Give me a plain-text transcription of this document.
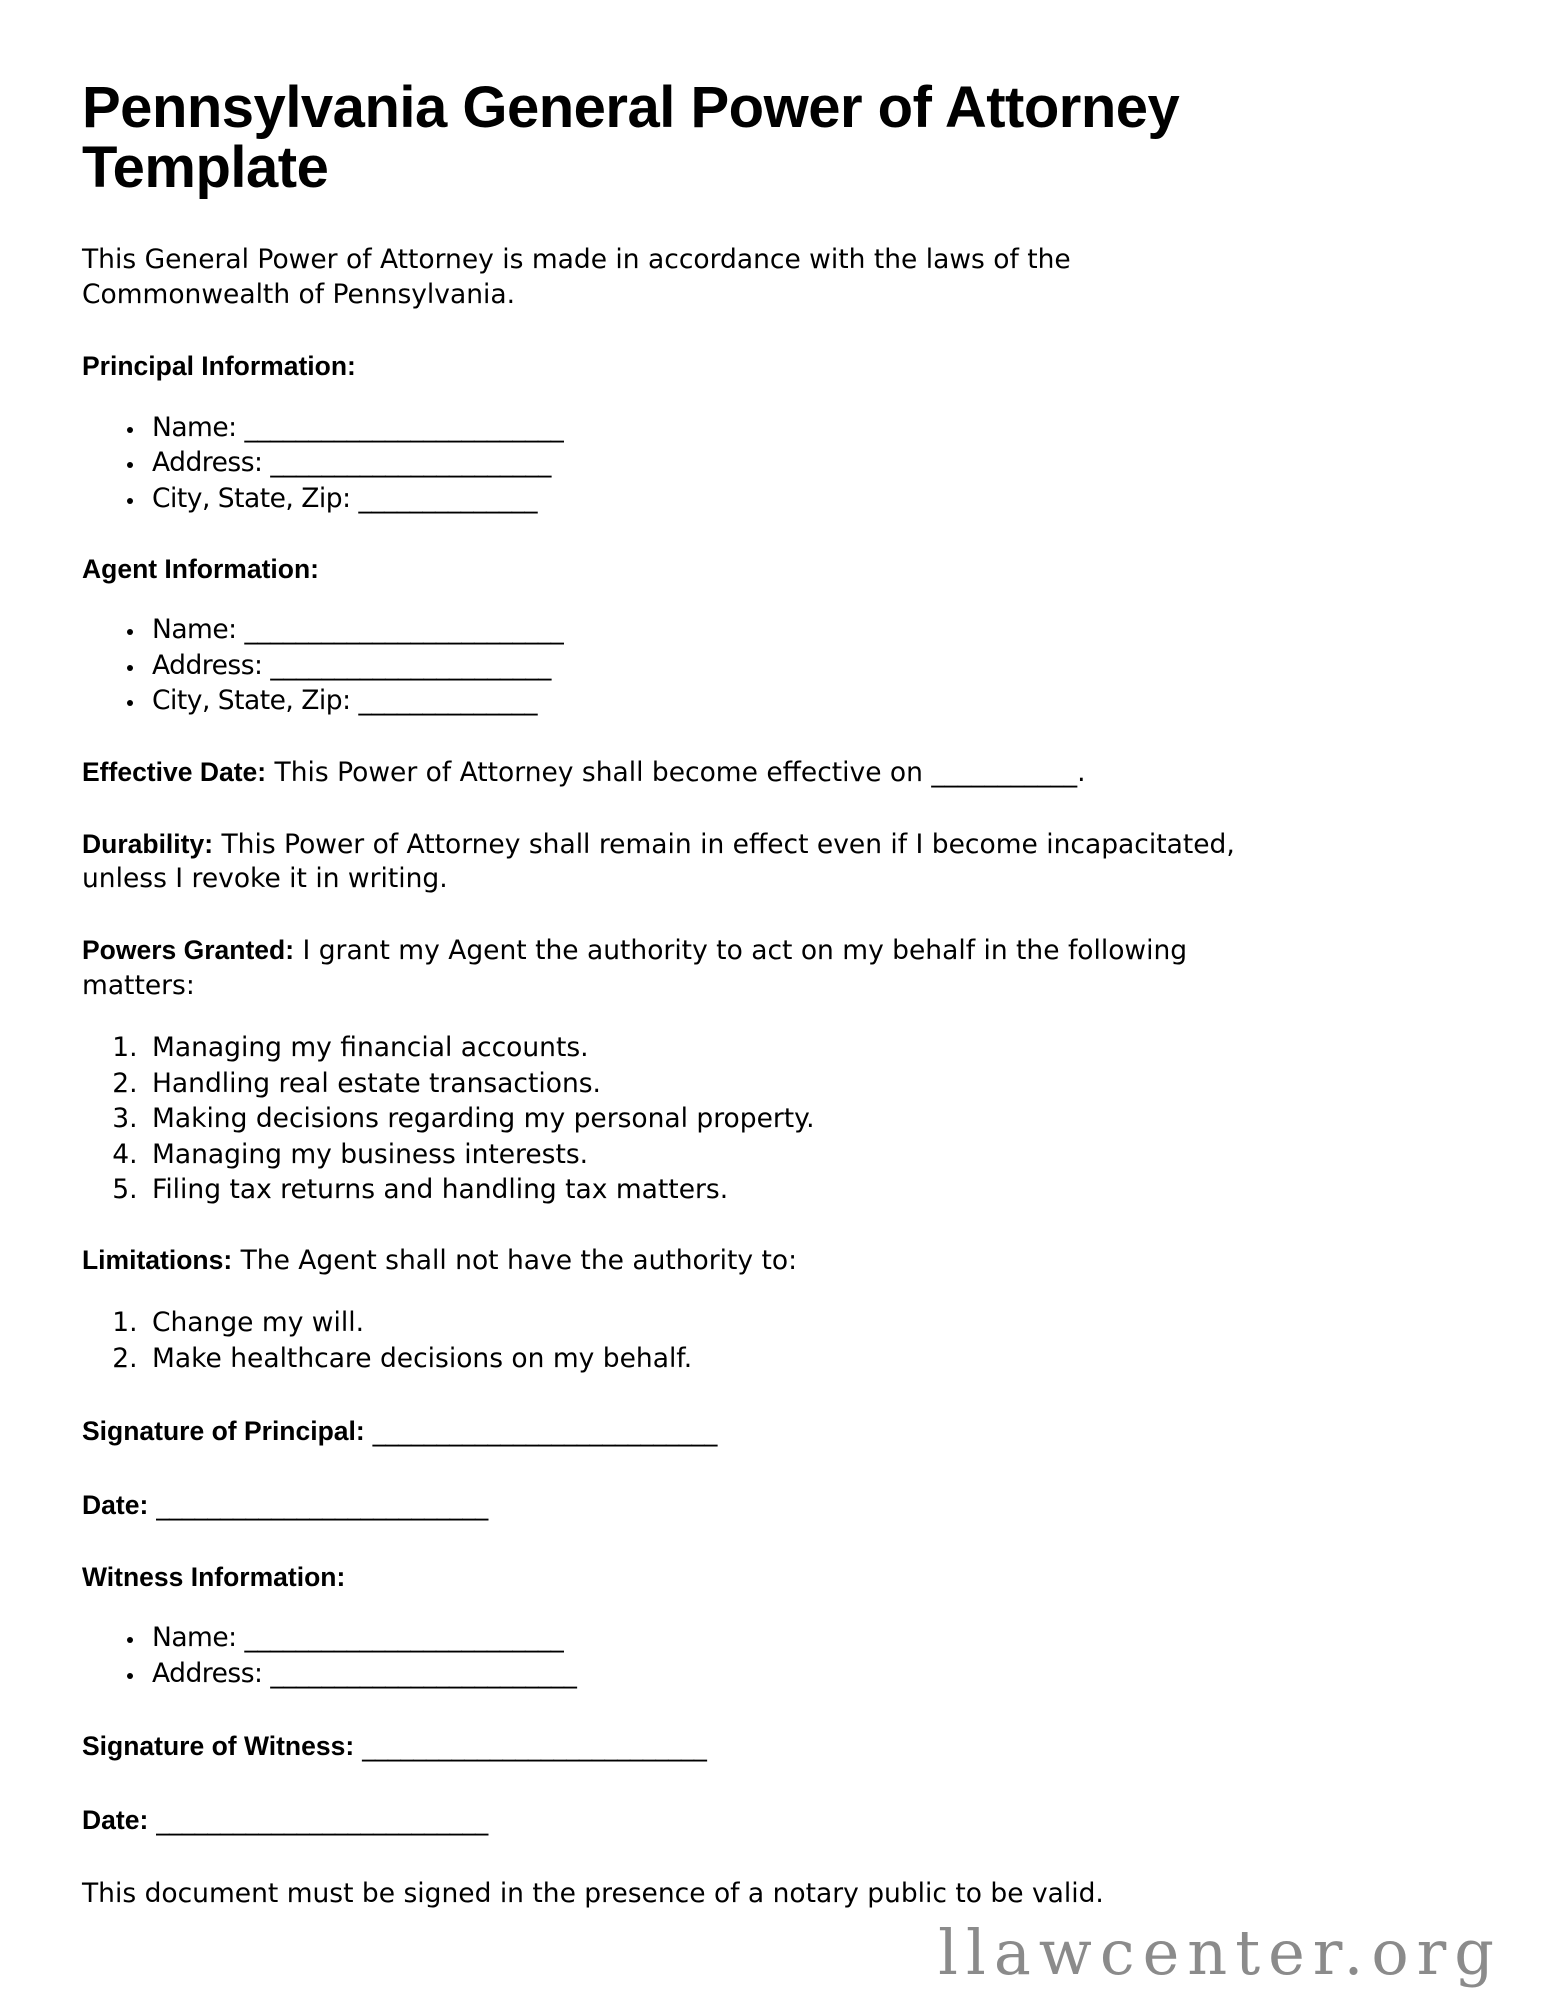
Pennsylvania General Power of Attorney Template

This General Power of Attorney is made in accordance with the laws of the Commonwealth of Pennsylvania.

Principal Information:
• Name: _________________________
• Address: ______________________
• City, State, Zip: ______________
Agent Information:
• Name: _________________________
• Address: ______________________
• City, State, Zip: ______________

Effective Date: This Power of Attorney shall become effective on ___________.

Durability: This Power of Attorney shall remain in effect even if I become incapacitated, unless I revoke it in writing.

Powers Granted: I grant my Agent the authority to act on my behalf in the following matters:

1. Managing my financial accounts.
2. Handling real estate transactions.
3. Making decisions regarding my personal property.
4. Managing my business interests.
5. Filing tax returns and handling tax matters.

Limitations: The Agent shall not have the authority to:

1. Change my will.
2. Make healthcare decisions on my behalf.

Signature of Principal: ___________________________

Date: __________________________

Witness Information:
• Name: _________________________
• Address: ________________________

Signature of Witness: ___________________________

Date: __________________________

This document must be signed in the presence of a notary public to be valid.

llawcenter.org
